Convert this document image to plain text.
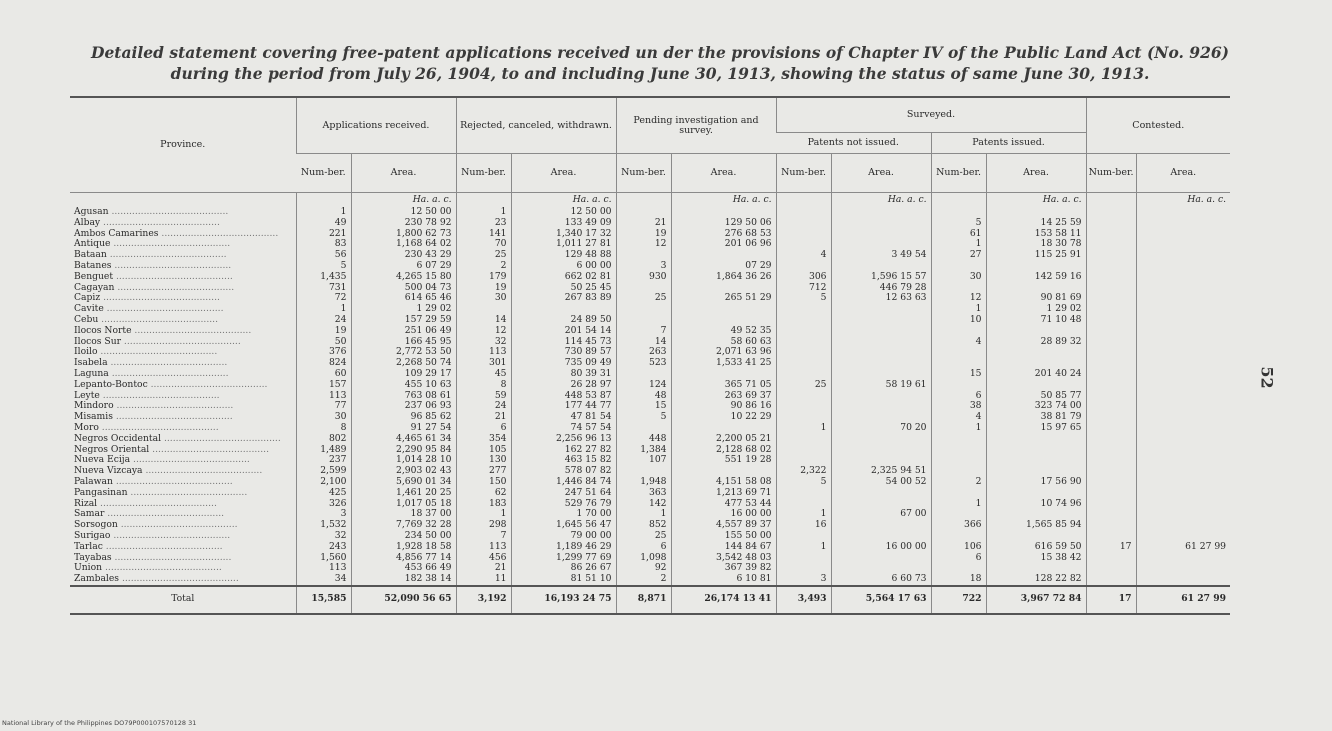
Detailed statement covering free-patent applications received un der the provisions of Chapter IV of the Public Land Act (No. 926) during the period from July 26, 1904, to and including June 30, 1913, showing the status of same June 30, 1913.
Province.	Applications received.		Rejected, canceled, withdrawn.		Pending investigation and survey.		Surveyed.				Contested.	
							Patents not issued.		Patents issued.			
	Num-ber.	Area.	Num-ber.	Area.	Num-ber.	Area.	Num-ber.	Area.	Num-ber.	Area.	Num-ber.	Area.
		Ha. a. c.		Ha. a. c.		Ha. a. c.		Ha. a. c.		Ha. a. c.		Ha. a. c.
Agusan .....	1	12 50 00	1	12 50 00								
Albay .....	49	230 78 92	23	133 49 09	21	129 50 06			5	14 25 59		
Ambos Camarines .....	221	1,800 62 73	141	1,340 17 32	19	276 68 53			61	153 58 11		
Antique .....	83	1,168 64 02	70	1,011 27 81	12	201 06 96			1	18 30 78		
Bataan .....	56	230 43 29	25	129 48 88			4	3 49 54	27	115 25 91		
Batanes .....	5	6 07 29	2	6 00 00	3	07 29						
Benguet .....	1,435	4,265 15 80	179	662 02 81	930	1,864 36 26	306	1,596 15 57	30	142 59 16		
Cagayan .....	731	500 04 73	19	50 25 45			712	446 79 28				
Capiz .....	72	614 65 46	30	267 83 89	25	265 51 29	5	12 63 63	12	90 81 69		
Cavite .....	1	1 29 02							1	1 29 02		
Cebu .....	24	157 29 59	14	24 89 50					10	71 10 48		
Ilocos Norte .....	19	251 06 49	12	201 54 14	7	49 52 35						
Ilocos Sur .....	50	166 45 95	32	114 45 73	14	58 60 63			4	28 89 32		
Iloilo .....	376	2,772 53 50	113	730 89 57	263	2,071 63 96						
Isabela .....	824	2,268 50 74	301	735 09 49	523	1,533 41 25						
Laguna .....	60	109 29 17	45	80 39 31					15	201 40 24		
Lepanto-Bontoc .....	157	455 10 63	8	26 28 97	124	365 71 05	25	58 19 61				
Leyte .....	113	763 08 61	59	448 53 87	48	263 69 37			6	50 85 77		
Mindoro .....	77	237 06 93	24	177 44 77	15	90 86 16			38	323 74 00		
Misamis .....	30	96 85 62	21	47 81 54	5	10 22 29			4	38 81 79		
Moro .....	8	91 27 54	6	74 57 54			1	70 20	1	15 97 65		
Negros Occidental .....	802	4,465 61 34	354	2,256 96 13	448	2,200 05 21						
Negros Oriental .....	1,489	2,290 95 84	105	162 27 82	1,384	2,128 68 02						
Nueva Ecija .....	237	1,014 28 10	130	463 15 82	107	551 19 28						
Nueva Vizcaya .....	2,599	2,903 02 43	277	578 07 82			2,322	2,325 94 51				
Palawan .....	2,100	5,690 01 34	150	1,446 84 74	1,948	4,151 58 08	5	54 00 52	2	17 56 90		
Pangasinan .....	425	1,461 20 25	62	247 51 64	363	1,213 69 71						
Rizal .....	326	1,017 05 18	183	529 76 79	142	477 53 44			1	10 74 96		
Samar .....	3	18 37 00	1	1 70 00	1	16 00 00	1	67 00				
Sorsogon .....	1,532	7,769 32 28	298	1,645 56 47	852	4,557 89 37	16		366	1,565 85 94		
Surigao .....	32	234 50 00	7	79 00 00	25	155 50 00						
Tarlac .....	243	1,928 18 58	113	1,189 46 29	6	144 84 67	1	16 00 00	106	616 59 50	17	61 27 99
Tayabas .....	1,560	4,856 77 14	456	1,299 77 69	1,098	3,542 48 03			6	15 38 42		
Union .....	113	453 66 49	21	86 26 67	92	367 39 82						
Zambales .....	34	182 38 14	11	81 51 10	2	6 10 81	3	6 60 73	18	128 22 82		
Total	15,585	52,090 56 65	3,192	16,193 24 75	8,871	26,174 13 41	3,493	5,564 17 63	722	3,967 72 84	17	61 27 99
52
National Library of the Philippines DO79P000107570128 31
